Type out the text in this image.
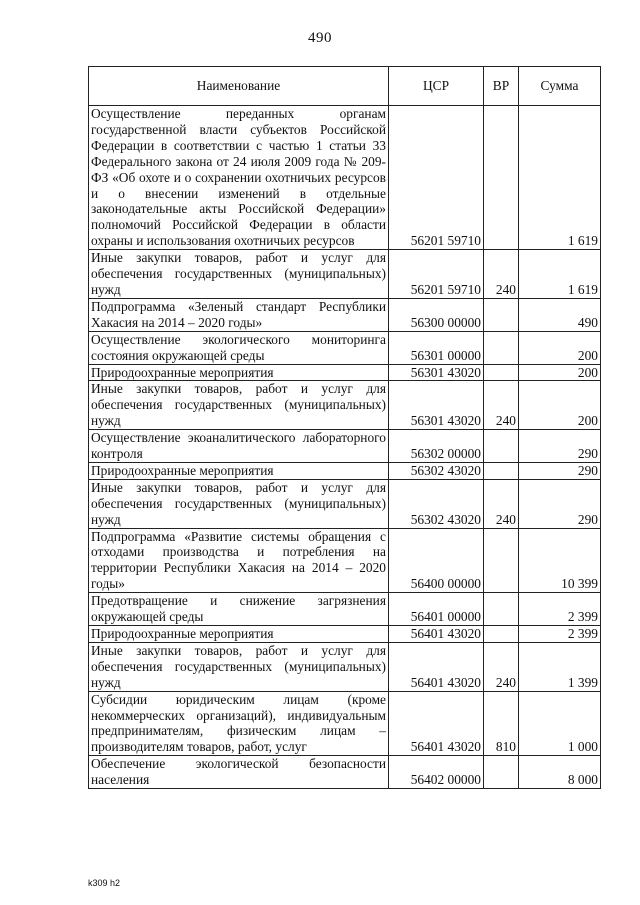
490
Наименование	ЦСР	ВР	Сумма
Осуществление переданных органам государственной власти субъектов Российской Федерации в соответствии с частью 1 статьи 33 Федерального закона от 24 июля 2009 года № 209-ФЗ «Об охоте и о сохранении охотничьих ресурсов и о внесении изменений в отдельные законодательные акты Российской Федерации» полномочий Российской Федерации в области охраны и использования охотничьих ресурсов	56201 59710		1 619
Иные закупки товаров, работ и услуг для обеспечения государственных (муниципальных) нужд	56201 59710	240	1 619
Подпрограмма «Зеленый стандарт Республики Хакасия на 2014 – 2020 годы»	56300 00000		490
Осуществление экологического мониторинга состояния окружающей среды	56301 00000		200
Природоохранные мероприятия	56301 43020		200
Иные закупки товаров, работ и услуг для обеспечения государственных (муниципальных) нужд	56301 43020	240	200
Осуществление экоаналитического лабораторного контроля	56302 00000		290
Природоохранные мероприятия	56302 43020		290
Иные закупки товаров, работ и услуг для обеспечения государственных (муниципальных) нужд	56302 43020	240	290
Подпрограмма «Развитие системы обращения с отходами производства и потребления на территории Республики Хакасия на 2014 – 2020 годы»	56400 00000		10 399
Предотвращение и снижение загрязнения окружающей среды	56401 00000		2 399
Природоохранные мероприятия	56401 43020		2 399
Иные закупки товаров, работ и услуг для обеспечения государственных (муниципальных) нужд	56401 43020	240	1 399
Субсидии юридическим лицам (кроме некоммерческих организаций), индивидуальным предпринимателям, физическим лицам – производителям товаров, работ, услуг	56401 43020	810	1 000
Обеспечение экологической безопасности населения	56402 00000		8 000
k309 h2
